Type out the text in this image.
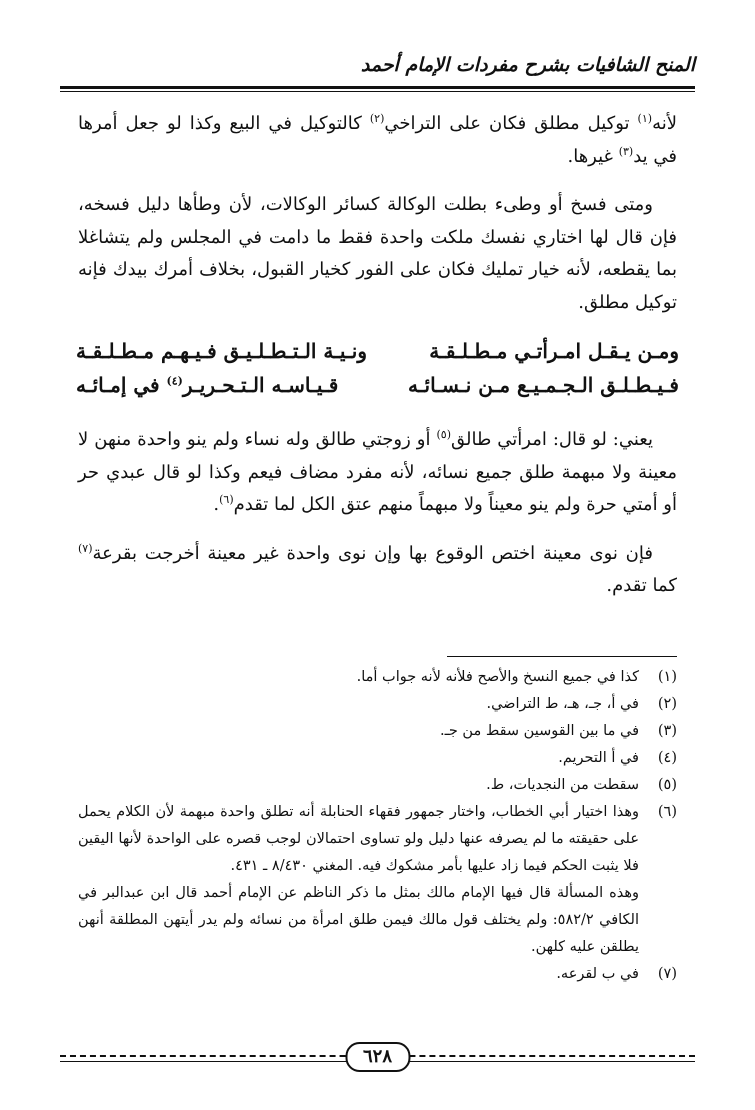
المنح الشافيات بشرح مفردات الإمام أحمد

لأنه$^{(١)}$ توكيل مطلق فكان على التراخي$^{(٢)}$ كالتوكيل في البيع وكذا لو جعل أمرها في يد$^{(٣)}$ غيرها.

ومتى فسخ أو وطىء بطلت الوكالة كسائر الوكالات، لأن وطأها دليل فسخه، فإن قال لها اختاري نفسك ملكت واحدة فقط ما دامت في المجلس ولم يتشاغلا بما يقطعه، لأنه خيار تمليك فكان على الفور كخيار القبول، بخلاف أمرك بيدك فإنه توكيل مطلق.

ومـن يـقـل امـرأتـي مـطـلـقـة
ونـيـة الـتـطـلـيـق فـيـهـم مـطـلـقـة
فـيـطـلـق الـجـمـيـع مـن نـسـائـه
قـيـاسـه الـتـحـريـر$^{(٤)}$ في إمـائـه

يعني: لو قال: امرأتي طالق$^{(٥)}$ أو زوجتي طالق وله نساء ولم ينو واحدة منهن لا معينة ولا مبهمة طلق جميع نسائه، لأنه مفرد مضاف فيعم وكذا لو قال عبدي حر أو أمتي حرة ولم ينو معيناً ولا مبهماً منهم عتق الكل لما تقدم$^{(٦)}$.

فإن نوى معينة اختص الوقوع بها وإن نوى واحدة غير معينة أخرجت بقرعة$^{(٧)}$ كما تقدم.

(١)
كذا في جميع النسخ والأصح فلأنه لأنه جواب أما.
(٢)
في أ، جـ، هـ، ط التراضي.
(٣)
في ما بين القوسين سقط من جـ.
(٤)
في أ التحريم.
(٥)
سقطت من النجديات، ط.
(٦)
وهذا اختيار أبي الخطاب، واختار جمهور فقهاء الحنابلة أنه تطلق واحدة مبهمة لأن الكلام يحمل على حقيقته ما لم يصرفه عنها دليل ولو تساوى احتمالان لوجب قصره على الواحدة لأنها اليقين فلا يثبت الحكم فيما زاد عليها بأمر مشكوك فيه. المغني ٨/٤٣٠ ـ ٤٣١.
وهذه المسألة قال فيها الإمام مالك بمثل ما ذكر الناظم عن الإمام أحمد قال ابن عبدالبر في الكافي ٥٨٢/٢: ولم يختلف قول مالك فيمن طلق امرأة من نسائه ولم يدر أيتهن المطلقة أنهن يطلقن عليه كلهن.
(٧)
في ب لقرعه.
٦٢٨
